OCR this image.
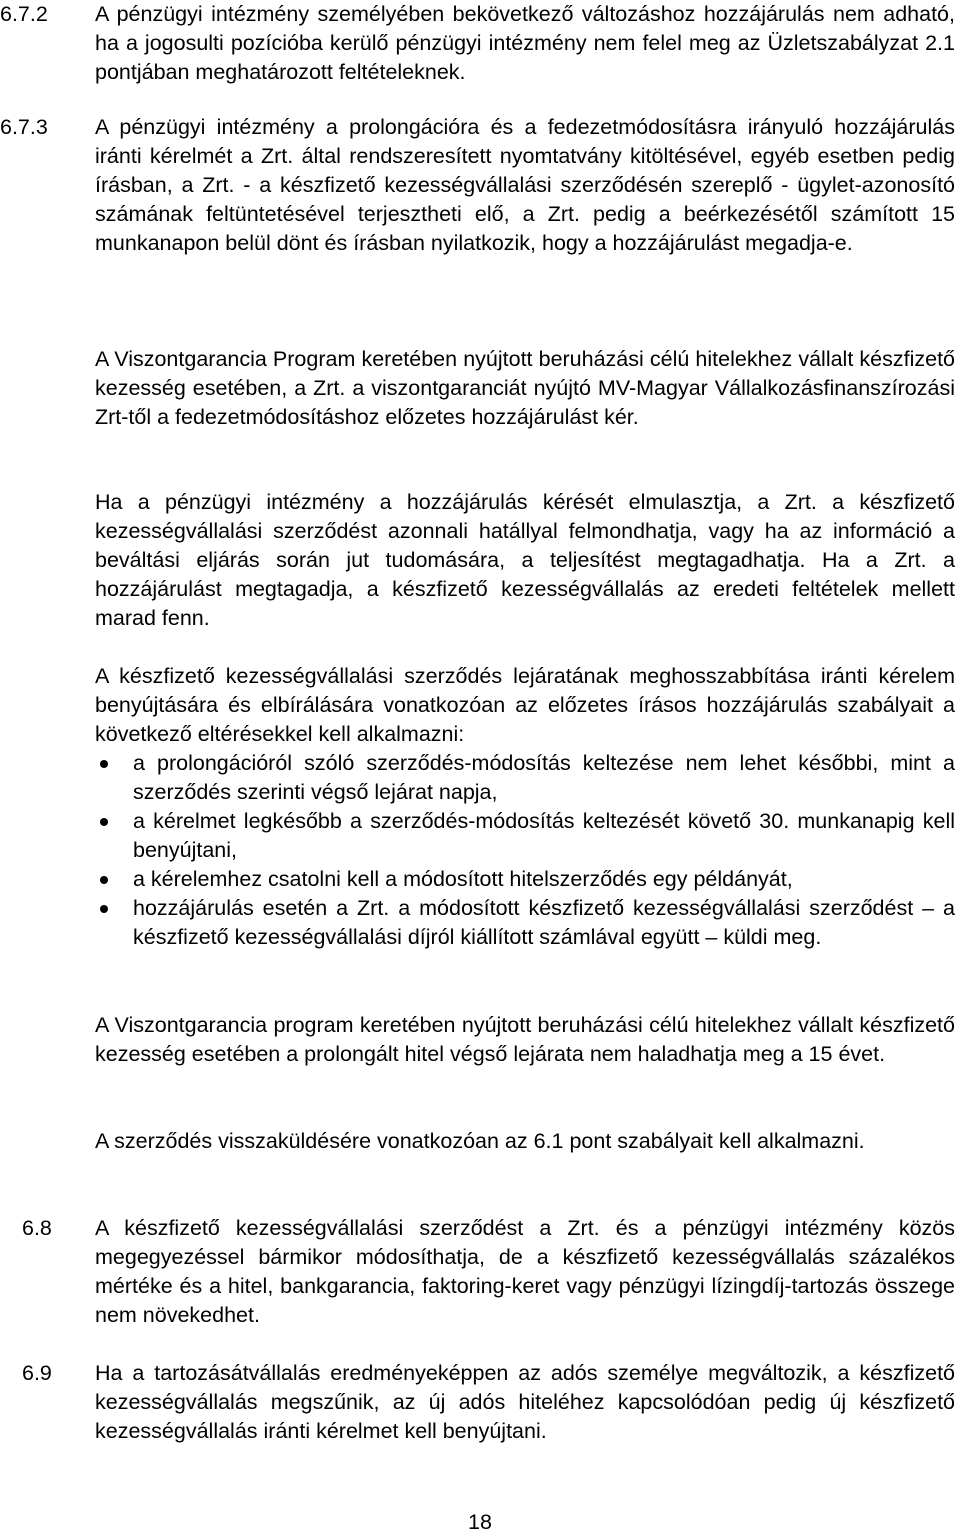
6.7.2	A pénzügyi intézmény személyében bekövetkező változáshoz hozzájárulás nem adható, ha a jogosulti pozícióba kerülő pénzügyi intézmény nem felel meg az Üzletszabályzat 2.1 pontjában meghatározott feltételeknek.
6.7.3	A pénzügyi intézmény a prolongációra és a fedezetmódosításra irányuló hozzájárulás iránti kérelmét a Zrt. által rendszeresített nyomtatvány kitöltésével, egyéb esetben pedig írásban, a Zrt. - a készfizető kezességvállalási szerződésén szereplő - ügylet-azonosító számának feltüntetésével terjesztheti elő, a Zrt. pedig a beérkezésétől számított 15 munkanapon belül dönt és írásban nyilatkozik, hogy a hozzájárulást megadja-e.
A Viszontgarancia Program keretében nyújtott beruházási célú hitelekhez vállalt készfizető kezesség esetében, a Zrt. a viszontgaranciát nyújtó MV-Magyar Vállalkozásfinanszírozási Zrt-től a fedezetmódosításhoz előzetes hozzájárulást kér.
Ha a pénzügyi intézmény a hozzájárulás kérését elmulasztja, a Zrt. a készfizető kezességvállalási szerződést azonnali hatállyal felmondhatja, vagy ha az információ a beváltási eljárás során jut tudomására, a teljesítést megtagadhatja. Ha a Zrt. a hozzájárulást megtagadja, a készfizető kezességvállalás az eredeti feltételek mellett marad fenn.
A készfizető kezességvállalási szerződés lejáratának meghosszabbítása iránti kérelem benyújtására és elbírálására vonatkozóan az előzetes írásos hozzájárulás szabályait a következő eltérésekkel kell alkalmazni:
a prolongációról szóló szerződés-módosítás keltezése nem lehet későbbi, mint a szerződés szerinti végső lejárat napja,
a kérelmet legkésőbb a szerződés-módosítás keltezését követő 30. munkanapig kell benyújtani,
a kérelemhez csatolni kell a módosított hitelszerződés egy példányát,
hozzájárulás esetén a Zrt. a módosított készfizető kezességvállalási szerződést – a készfizető kezességvállalási díjról kiállított számlával együtt – küldi meg.
A Viszontgarancia program keretében nyújtott beruházási célú hitelekhez vállalt készfizető kezesség esetében a prolongált hitel végső lejárata nem haladhatja meg a 15 évet.
A szerződés visszaküldésére vonatkozóan az 6.1 pont szabályait kell alkalmazni.
6.8	A készfizető kezességvállalási szerződést a Zrt. és a pénzügyi intézmény közös megegyezéssel bármikor módosíthatja, de a készfizető kezességvállalás százalékos mértéke és a hitel, bankgarancia, faktoring-keret vagy pénzügyi lízingdíj-tartozás összege nem növekedhet.
6.9	Ha a tartozásátvállalás eredményeképpen az adós személye megváltozik, a készfizető kezességvállalás megszűnik, az új adós hiteléhez kapcsolódóan pedig új készfizető kezességvállalás iránti kérelmet kell benyújtani.
18
